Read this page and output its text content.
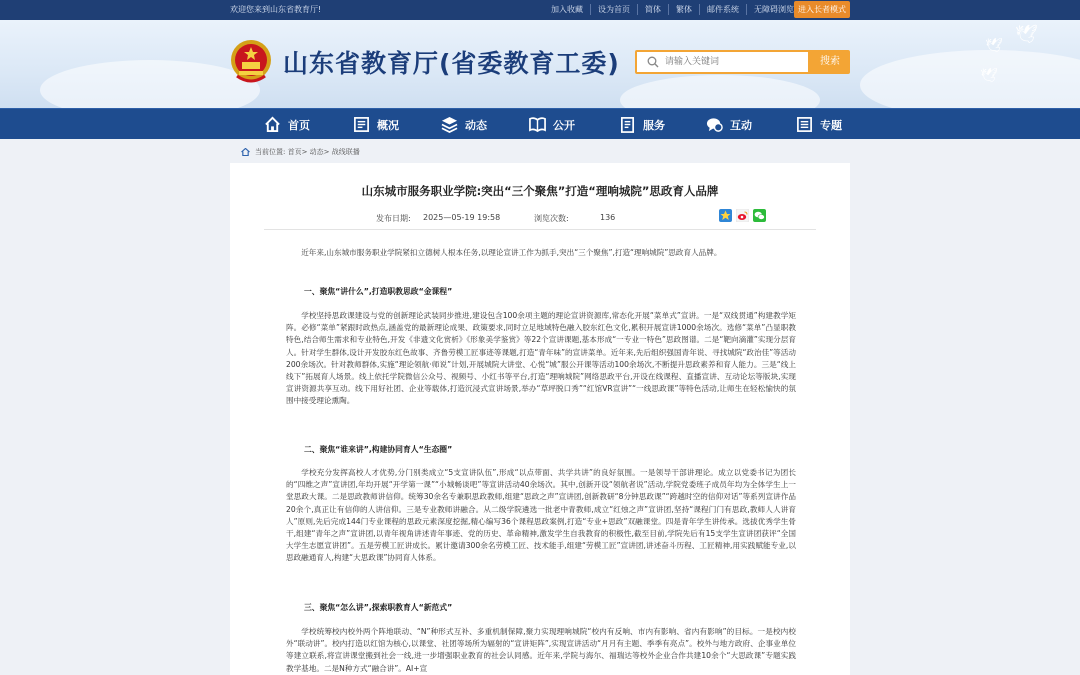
欢迎您来到山东省教育厅!	加入收藏	设为首页	简体	繁体	邮件系统	无障碍浏览 进入长者模式
🕊
🕊
🕊
山东省教育厅(省委教育工委)
请输入关键词	搜索
首页	概况	动态	公开	服务	互动	专题
当前位置: 首页> 动态> 战线联播
山东城市服务职业学院:突出“三个聚焦”打造“理响城院”思政育人品牌
发布日期: 2025—05-19 19:58	浏览次数:	136
近年来,山东城市服务职业学院紧扣立德树人根本任务,以理论宣讲工作为抓手,突出“三个聚焦”,打造“理响城院”思政育人品牌。
一、聚焦“讲什么”,打造职教思政“金课程”
学校坚持思政课建设与党的创新理论武装同步推进,建设包含100余项主题的理论宣讲资源库,常态化开展“菜单式”宣讲。一是“双线贯通”构建教学矩阵。必修“菜单”紧跟时政热点,涵盖党的最新理论成果、政策要求,同时立足地域特色融入胶东红色文化,累积开展宣讲1000余场次。选修“菜单”凸显职教特色,结合师生需求和专业特色,开发《非遗文化赏析》《形象美学鉴赏》等22个宣讲课题,基本形成“一专业一特色”思政图谱。二是“靶向滴灌”实现分层育人。针对学生群体,设计开发胶东红色故事、齐鲁劳模工匠事迹等课题,打造“青年味”的宣讲菜单。近年来,先后组织强国青年说、寻找城院“政治佳”等活动200余场次。针对教师群体,实施“理论领航·师说”计划,开展城院大讲堂、心悦“城”服公开课等活动100余场次,不断提升思政素养和育人能力。三是“线上线下”拓展育人场景。线上依托学院微信公众号、视频号、小红书等平台,打造“理响城院”网络思政平台,开设在线课程、直播宣讲、互动论坛等版块,实现宣讲资源共享互动。线下用好社团、企业等载体,打造沉浸式宣讲场景,举办“草坪脱口秀”“红馆VR宣讲”“一线思政课”等特色活动,让师生在轻松愉快的氛围中接受理论熏陶。
二、聚焦“谁来讲”,构建协同育人“生态圈”
学校充分发挥高校人才优势,分门别类成立“5支宣讲队伍”,形成“以点带面、共学共讲”的良好氛围。一是领导干部讲理论。成立以党委书记为团长的“四维之声”宣讲团,年均开展“开学第一课”“小城畅谈吧”等宣讲活动40余场次。其中,创新开设“领航者说”活动,学院党委班子成员年均为全体学生上一堂思政大课。二是思政教师讲信仰。统筹30余名专兼职思政教师,组建“思政之声”宣讲团,创新教研“8分钟思政课”“跨越时空的信仰对话”等系列宣讲作品20余个,真正让有信仰的人讲信仰。三是专业教师讲融合。从二级学院遴选一批老中青教师,成立“红烛之声”宣讲团,坚持“课程门门有思政,教师人人讲育人”原则,先后完成144门专业课程的思政元素深度挖掘,精心编写36个课程思政案例,打造“专业+思政”双融课堂。四是青年学生讲传承。选拔优秀学生骨干,组建“青年之声”宣讲团,以青年视角讲述青年事迹、党的历史、革命精神,激发学生自我教育的积极性,截至目前,学院先后有15支学生宣讲团获评“全国大学生志愿宣讲团”。五是劳模工匠讲成长。累计邀请300余名劳模工匠、技术能手,组建“劳模工匠”宣讲团,讲述奋斗历程、工匠精神,用实践赋能专业,以思政融通育人,构建“大思政课”协同育人体系。
三、聚焦“怎么讲”,探索职教育人“新范式”
学校统筹校内校外两个阵地联动、“N”种形式互补、多重机制保障,聚力实现理响城院“校内有反响、市内有影响、省内有影响”的目标。一是校内校外“联动讲”。校内打造以红馆为核心,以课堂、社团等场所为辐射的“宣讲矩阵”,实现宣讲活动“月月有主题、季季有亮点”。校外与地方政府、企事业单位等建立联系,将宣讲课堂搬到社会一线,进一步增强职业教育的社会认同感。近年来,学院与海尔、福瑞达等校外企业合作共建10余个“大思政课”专题实践教学基地。二是N种方式“融合讲”。AI+宣
